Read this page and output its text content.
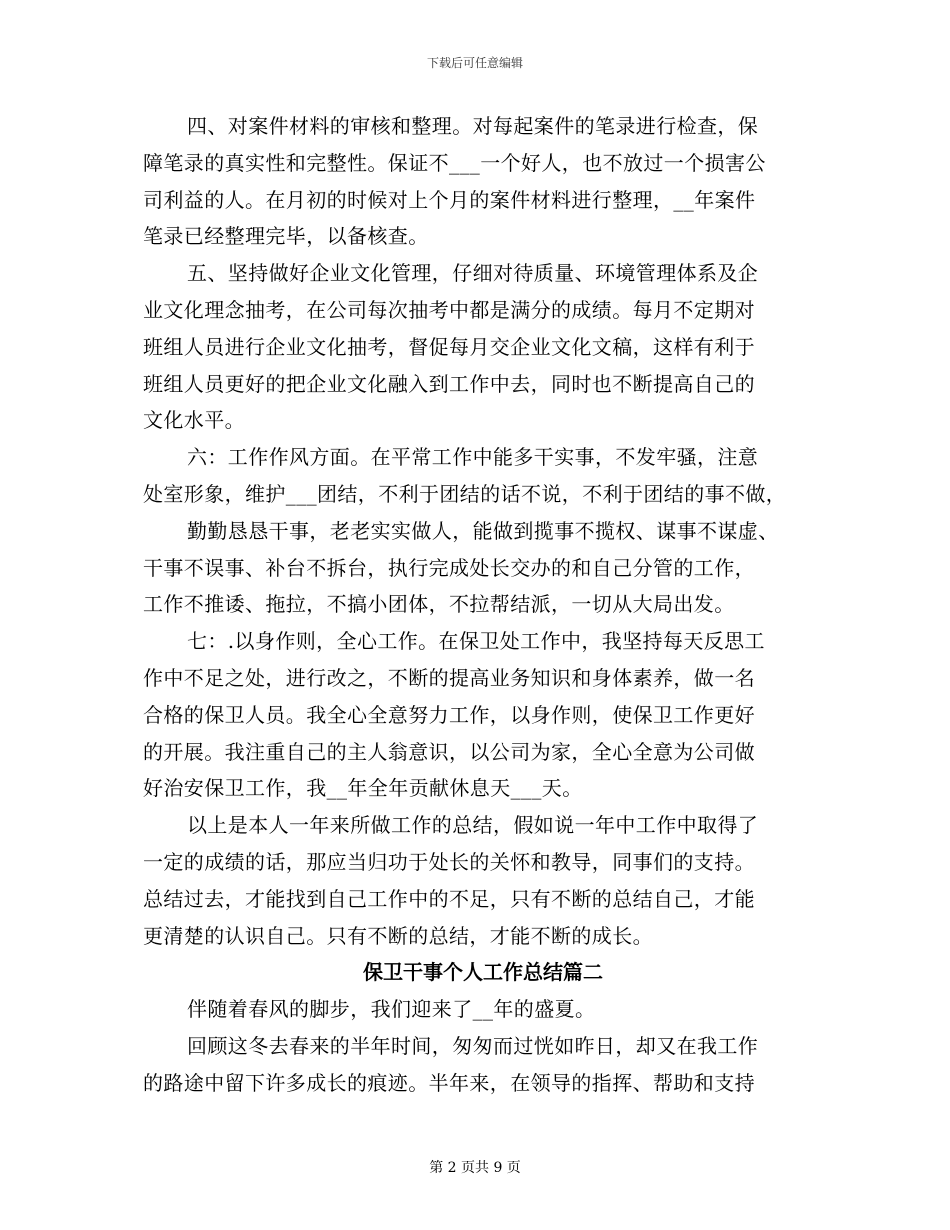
下载后可任意编辑
四、对案件材料的审核和整理。对每起案件的笔录进行检查，保
障笔录的真实性和完整性。保证不___一个好人，也不放过一个损害公
司利益的人。在月初的时候对上个月的案件材料进行整理，__年案件
笔录已经整理完毕，以备核查。
五、坚持做好企业文化管理，仔细对待质量、环境管理体系及企
业文化理念抽考，在公司每次抽考中都是满分的成绩。每月不定期对
班组人员进行企业文化抽考，督促每月交企业文化文稿，这样有利于
班组人员更好的把企业文化融入到工作中去，同时也不断提高自己的
文化水平。
六：工作作风方面。在平常工作中能多干实事，不发牢骚，注意
处室形象，维护___团结，不利于团结的话不说，不利于团结的事不做，
勤勤恳恳干事，老老实实做人，能做到揽事不揽权、谋事不谋虚、
干事不误事、补台不拆台，执行完成处长交办的和自己分管的工作，
工作不推诿、拖拉，不搞小团体，不拉帮结派，一切从大局出发。
七：.以身作则，全心工作。在保卫处工作中，我坚持每天反思工
作中不足之处，进行改之，不断的提高业务知识和身体素养，做一名
合格的保卫人员。我全心全意努力工作，以身作则，使保卫工作更好
的开展。我注重自己的主人翁意识，以公司为家，全心全意为公司做
好治安保卫工作，我__年全年贡献休息天___天。
以上是本人一年来所做工作的总结，假如说一年中工作中取得了
一定的成绩的话，那应当归功于处长的关怀和教导，同事们的支持。
总结过去，才能找到自己工作中的不足，只有不断的总结自己，才能
更清楚的认识自己。只有不断的总结，才能不断的成长。
保卫干事个人工作总结篇二
伴随着春风的脚步，我们迎来了__年的盛夏。
回顾这冬去春来的半年时间，匆匆而过恍如昨日，却又在我工作
的路途中留下许多成长的痕迹。半年来，在领导的指挥、帮助和支持
第 2 页共 9 页
